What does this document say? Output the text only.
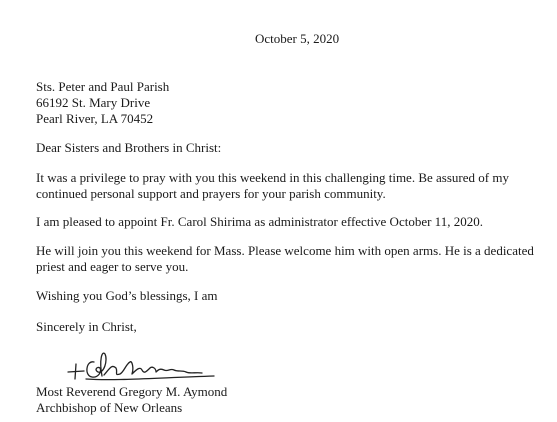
October 5, 2020
Sts. Peter and Paul Parish
66192 St. Mary Drive
Pearl River, LA 70452
Dear Sisters and Brothers in Christ:
It was a privilege to pray with you this weekend in this challenging time. Be assured of my
continued personal support and prayers for your parish community.
I am pleased to appoint Fr. Carol Shirima as administrator effective October 11, 2020.
He will join you this weekend for Mass. Please welcome him with open arms. He is a dedicated
priest and eager to serve you.
Wishing you God’s blessings, I am
Sincerely in Christ,
Most Reverend Gregory M. Aymond
Archbishop of New Orleans
